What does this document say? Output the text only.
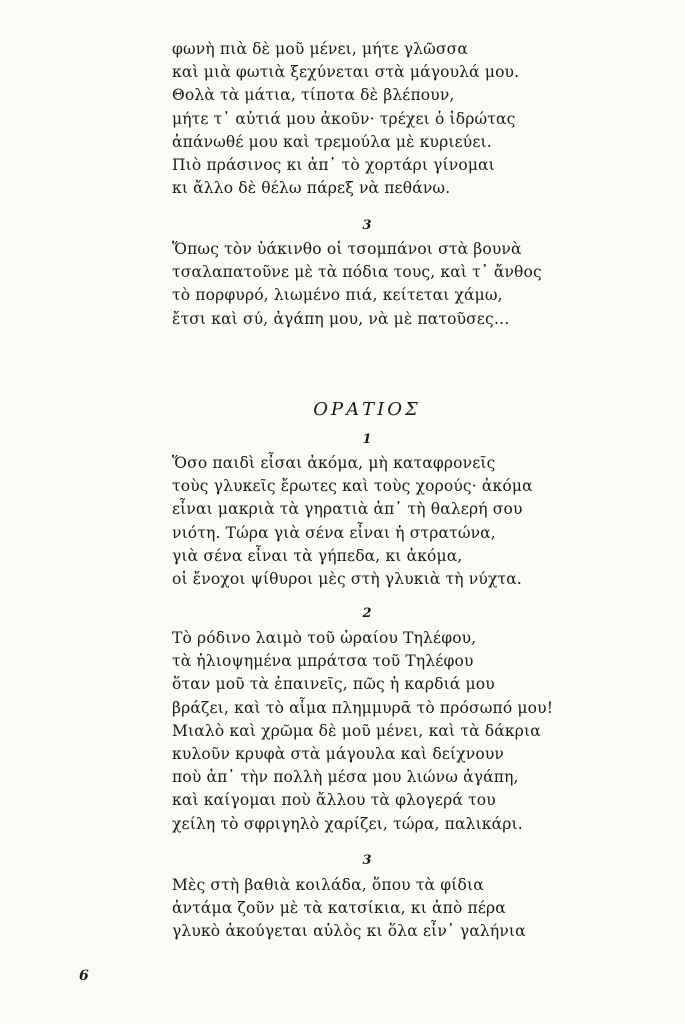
φωνὴ πιὰ δὲ μοῦ μένει, μήτε γλῶσσα
καὶ μιὰ φωτιὰ ξεχύνεται στὰ μάγουλά μου.
Θολὰ τὰ μάτια, τίποτα δὲ βλέπουν,
μήτε τ᾿ αὐτιά μου ἀκοῦν· τρέχει ὁ ἱδρώτας
ἀπάνωθέ μου καὶ τρεμούλα μὲ κυριεύει.
Πιὸ πράσινος κι ἀπ᾿ τὸ χορτάρι γίνομαι
κι ἄλλο δὲ θέλω πάρεξ νὰ πεθάνω.
3
Ὅπως τὸν ὑάκινθο οἱ τσομπάνοι στὰ βουνὰ
τσαλαπατοῦνε μὲ τὰ πόδια τους, καὶ τ᾿ ἄνθος
τὸ πορφυρό, λιωμένο πιά, κείτεται χάμω,
ἔτσι καὶ σύ, ἀγάπη μου, νὰ μὲ πατοῦσες…
ΟΡΑΤΙΟΣ
1
Ὅσο παιδὶ εἶσαι ἀκόμα, μὴ καταφρονεῖς
τοὺς γλυκεῖς ἔρωτες καὶ τοὺς χορούς· ἀκόμα
εἶναι μακριὰ τὰ γηρατιὰ ἀπ᾿ τὴ θαλερή σου
νιότη. Τώρα γιὰ σένα εἶναι ἡ στρατώνα,
γιὰ σένα εἶναι τὰ γήπεδα, κι ἀκόμα,
οἱ ἔνοχοι ψίθυροι μὲς στὴ γλυκιὰ τὴ νύχτα.
2
Τὸ ρόδινο λαιμὸ τοῦ ὡραίου Τηλέφου,
τὰ ἡλιοψημένα μπράτσα τοῦ Τηλέφου
ὅταν μοῦ τὰ ἐπαινεῖς, πῶς ἡ καρδιά μου
βράζει, καὶ τὸ αἷμα πλημμυρᾶ τὸ πρόσωπό μου!
Μιαλὸ καὶ χρῶμα δὲ μοῦ μένει, καὶ τὰ δάκρια
κυλοῦν κρυφὰ στὰ μάγουλα καὶ δείχνουν
ποὺ ἀπ᾿ τὴν πολλὴ μέσα μου λιώνω ἀγάπη,
καὶ καίγομαι ποὺ ἄλλου τὰ φλογερά του
χείλη τὸ σφριγηλὸ χαρίζει, τώρα, παλικάρι.
3
Μὲς στὴ βαθιὰ κοιλάδα, ὅπου τὰ φίδια
ἀντάμα ζοῦν μὲ τὰ κατσίκια, κι ἀπὸ πέρα
γλυκὸ ἀκούγεται αὐλὸς κι ὅλα εἶν᾿ γαλήνια
6
